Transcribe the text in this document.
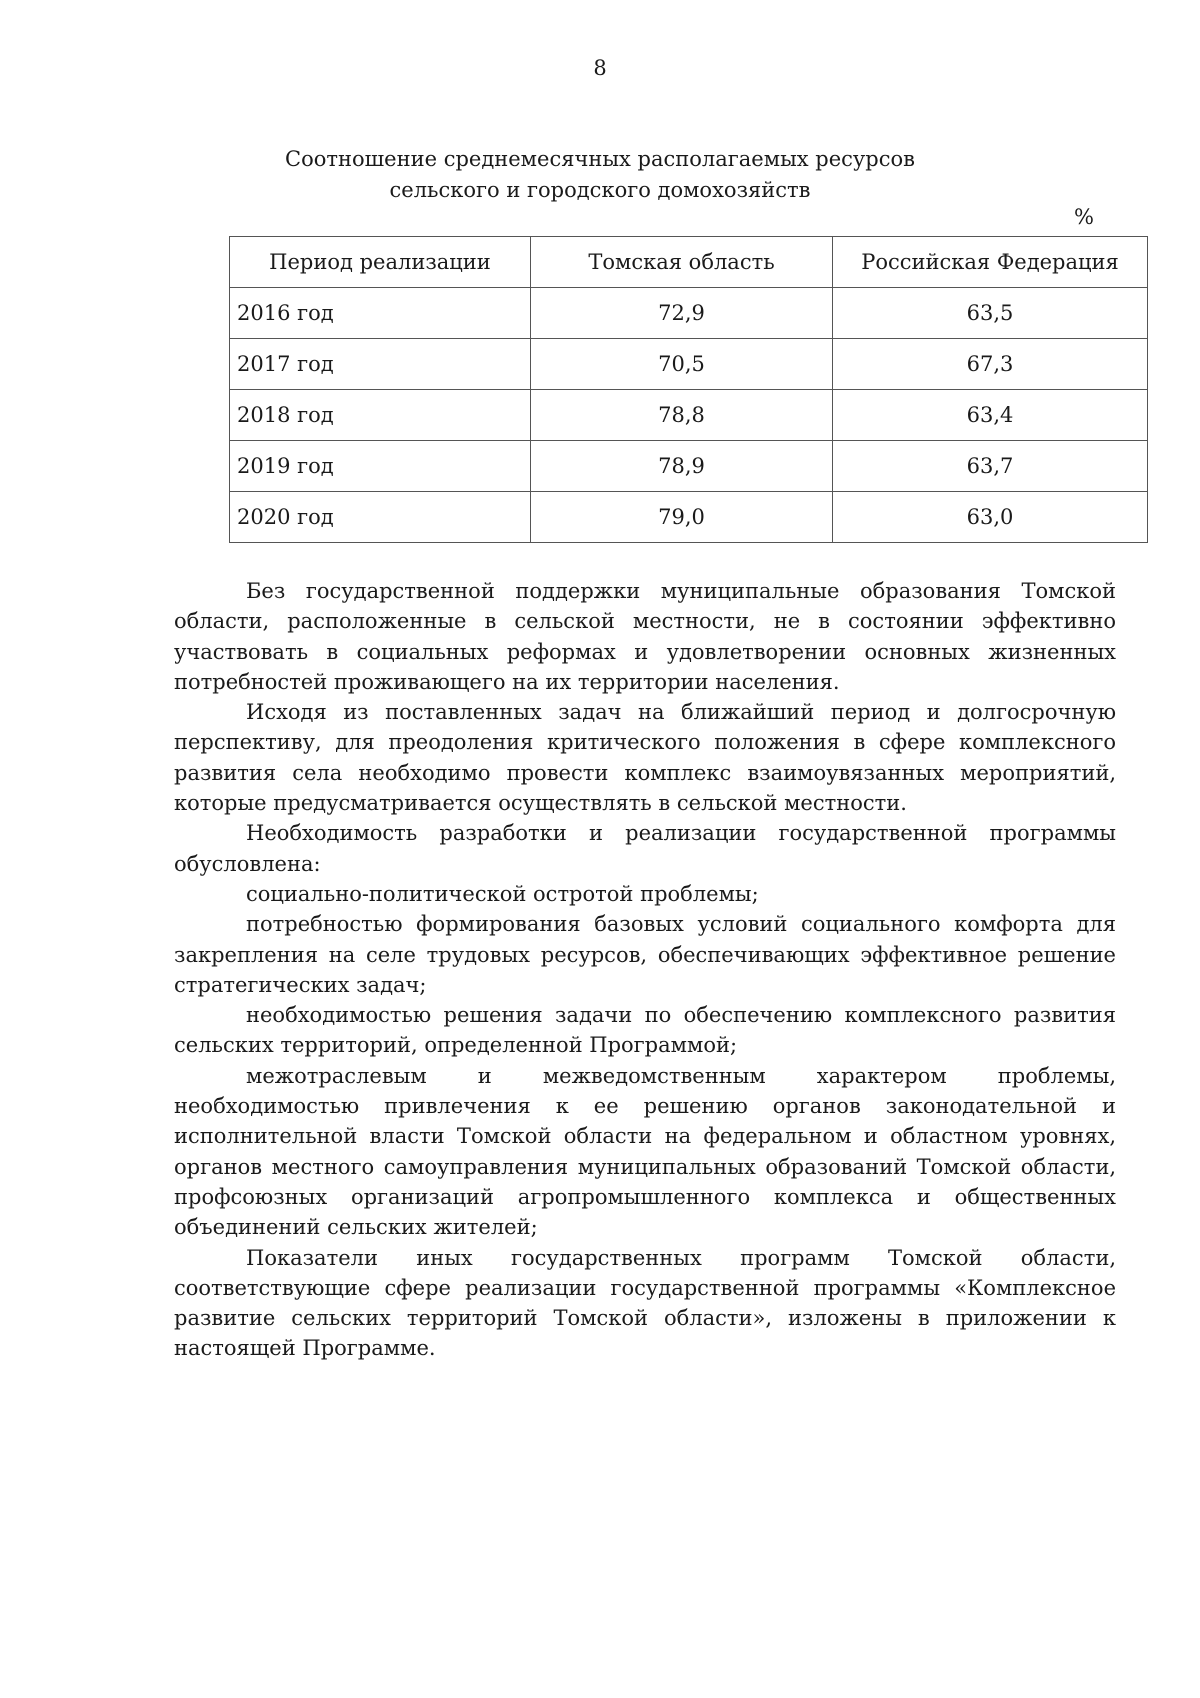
8
Соотношение среднемесячных располагаемых ресурсов
сельского и городского домохозяйств
%
Период реализации	Томская область	Российская Федерация
2016 год	72,9	63,5
2017 год	70,5	67,3
2018 год	78,8	63,4
2019 год	78,9	63,7
2020 год	79,0	63,0

Без государственной поддержки муниципальные образования Томской области, расположенные в сельской местности, не в состоянии эффективно участвовать в социальных реформах и удовлетворении основных жизненных потребностей проживающего на их территории населения.

Исходя из поставленных задач на ближайший период и долгосрочную перспективу, для преодоления критического положения в сфере комплексного развития села необходимо провести комплекс взаимоувязанных мероприятий, которые предусматривается осуществлять в сельской местности.

Необходимость разработки и реализации государственной программы обусловлена:

социально-политической остротой проблемы;

потребностью формирования базовых условий социального комфорта для закрепления на селе трудовых ресурсов, обеспечивающих эффективное решение стратегических задач;

необходимостью решения задачи по обеспечению комплексного развития сельских территорий, определенной Программой;

межотраслевым и межведомственным характером проблемы, необходимостью привлечения к ее решению органов законодательной и исполнительной власти Томской области на федеральном и областном уровнях, органов местного самоуправления муниципальных образований Томской области, профсоюзных организаций агропромышленного комплекса и общественных объединений сельских жителей;

Показатели иных государственных программ Томской области, соответствующие сфере реализации государственной программы «Комплексное развитие сельских территорий Томской области», изложены в приложении к настоящей Программе.
